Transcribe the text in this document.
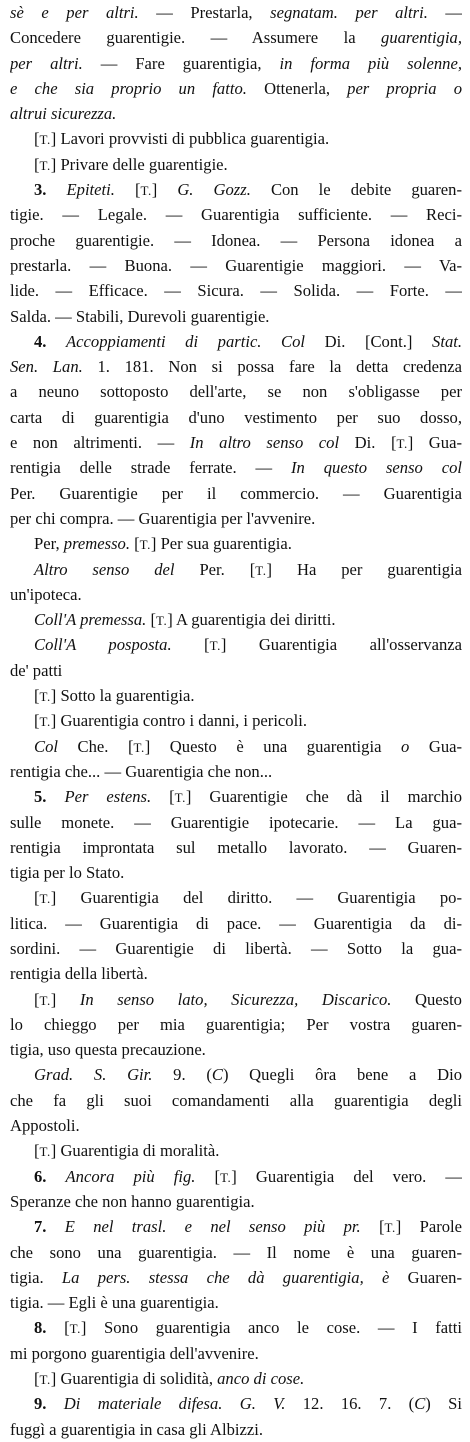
sè e per altri. — Prestarla, segnatam. per altri. —
Concedere guarentigie. — Assumere la guarentigia,
per altri. — Fare guarentigia, in forma più solenne,
e che sia proprio un fatto. Ottenerla, per propria o
altrui sicurezza.
[T.] Lavori provvisti di pubblica guarentigia.
[T.] Privare delle guarentigie.
3. Epiteti. [T.] G. Gozz. Con le debite guaren-
tigie. — Legale. — Guarentigia sufficiente. — Reci-
proche guarentigie. — Idonea. — Persona idonea a
prestarla. — Buona. — Guarentigie maggiori. — Va-
lide. — Efficace. — Sicura. — Solida. — Forte. —
Salda. — Stabili, Durevoli guarentigie.
4. Accoppiamenti di partic. Col Di. [Cont.] Stat.
Sen. Lan. 1. 181. Non si possa fare la detta credenza
a neuno sottoposto dell'arte, se non s'obligasse per
carta di guarentigia d'uno vestimento per suo dosso,
e non altrimenti. — In altro senso col Di. [T.] Gua-
rentigia delle strade ferrate. — In questo senso col
Per. Guarentigie per il commercio. — Guarentigia
per chi compra. — Guarentigia per l'avvenire.
Per, premesso. [T.] Per sua guarentigia.
Altro senso del Per. [T.] Ha per guarentigia
un'ipoteca.
Coll'A premessa. [T.] A guarentigia dei diritti.
Coll'A posposta. [T.] Guarentigia all'osservanza
de' patti
[T.] Sotto la guarentigia.
[T.] Guarentigia contro i danni, i pericoli.
Col Che. [T.] Questo è una guarentigia o Gua-
rentigia che... — Guarentigia che non...
5. Per estens. [T.] Guarentigie che dà il marchio
sulle monete. — Guarentigie ipotecarie. — La gua-
rentigia improntata sul metallo lavorato. — Guaren-
tigia per lo Stato.
[T.] Guarentigia del diritto. — Guarentigia po-
litica. — Guarentigia di pace. — Guarentigia da di-
sordini. — Guarentigie di libertà. — Sotto la gua-
rentigia della libertà.
[T.] In senso lato, Sicurezza, Discarico. Questo
lo chieggo per mia guarentigia; Per vostra guaren-
tigia, uso questa precauzione.
Grad. S. Gir. 9. (C) Quegli ôra bene a Dio
che fa gli suoi comandamenti alla guarentigia degli
Appostoli.
[T.] Guarentigia di moralità.
6. Ancora più fig. [T.] Guarentigia del vero. —
Speranze che non hanno guarentigia.
7. E nel trasl. e nel senso più pr. [T.] Parole
che sono una guarentigia. — Il nome è una guaren-
tigia. La pers. stessa che dà guarentigia, è Guaren-
tigia. — Egli è una guarentigia.
8. [T.] Sono guarentigia anco le cose. — I fatti
mi porgono guarentigia dell'avvenire.
[T.] Guarentigia di solidità, anco di cose.
9. Di materiale difesa. G. V. 12. 16. 7. (C) Si
fuggì a guarentigia in casa gli Albizzi.
